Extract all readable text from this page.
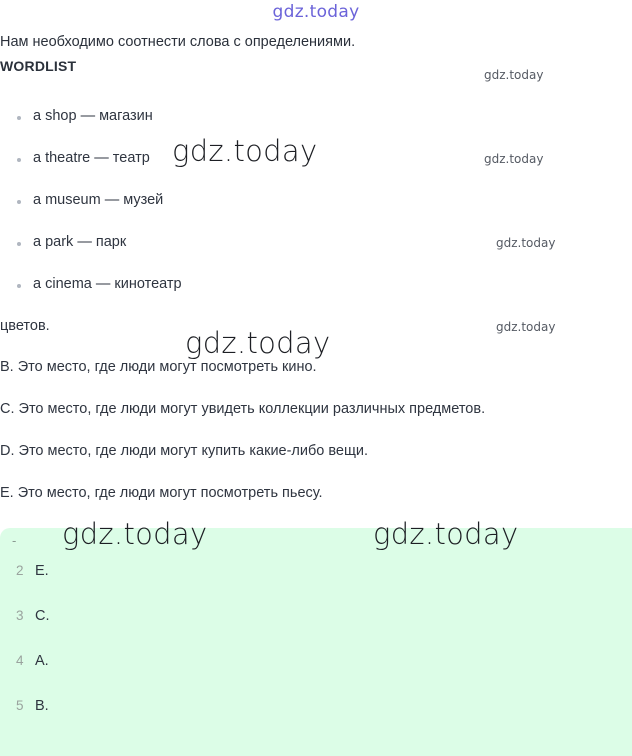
gdz.today
Нам необходимо соотнести слова с определениями.
WORDLIST
a shop — магазин
a theatre — театр
a museum — музей
a park — парк
a cinema — кинотеатр
цветов.
B. Это место, где люди могут посмотреть кино.
C. Это место, где люди могут увидеть коллекции различных предметов.
D. Это место, где люди могут купить какие-либо вещи.
E. Это место, где люди могут посмотреть пьесу.
-
2 E.
3 C.
4 A.
5 B.
gdz.today
gdz.today
gdz.today
gdz.today
gdz.today
gdz.today
gdz.today	gdz.today
